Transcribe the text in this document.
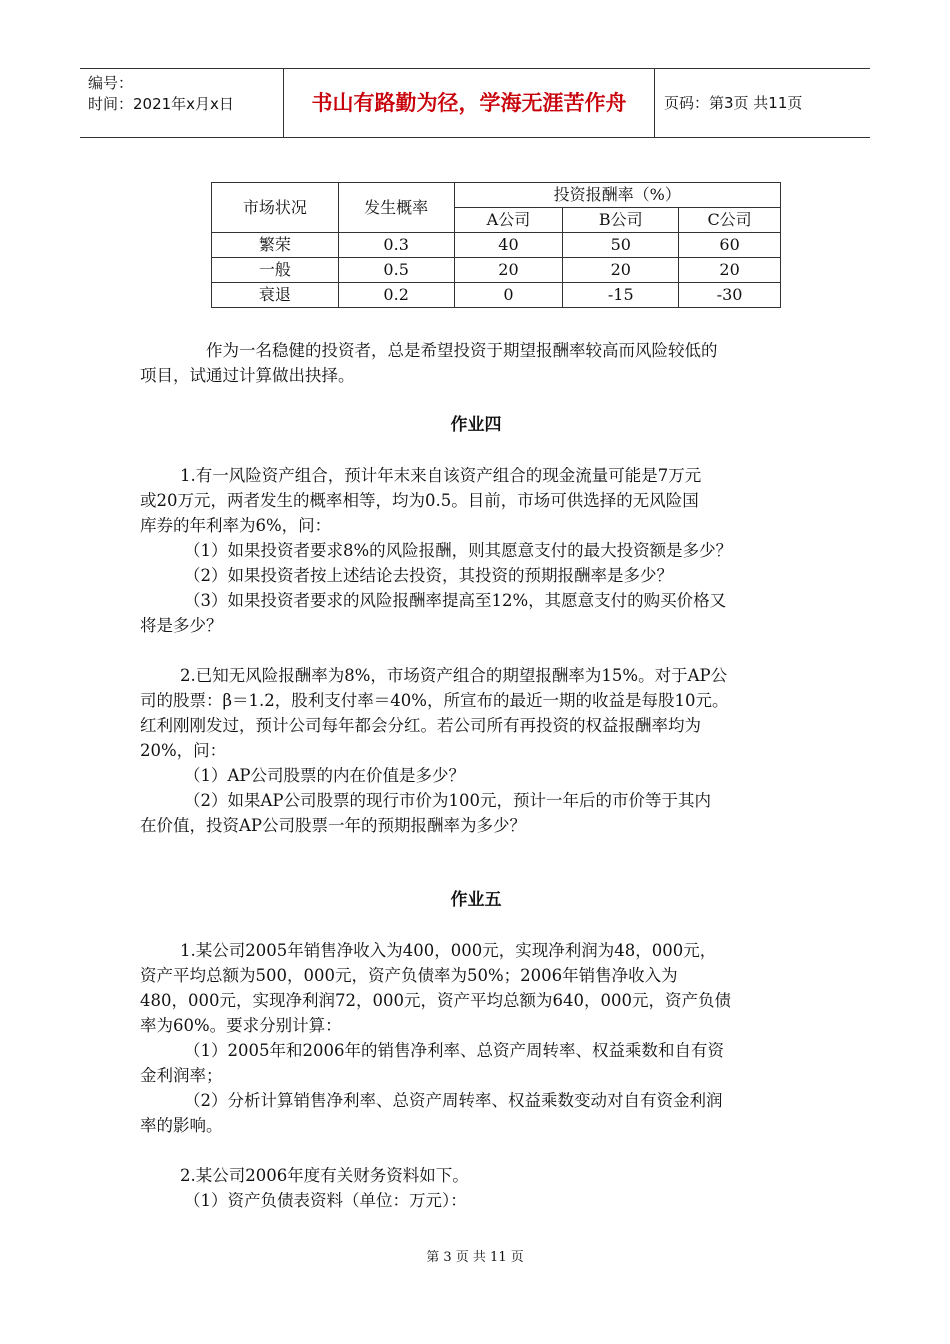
编号：
时间：2021年x月x日	书山有路勤为径，学海无涯苦作舟	页码：第3页 共11页
市场状况	发生概率	投资报酬率（%）		
		A公司	B公司	C公司
繁荣	0.3	40	50	60
一般	0.5	20	20	20
衰退	0.2	0	-15	-30

作为一名稳健的投资者，总是希望投资于期望报酬率较高而风险较低的

项目，试通过计算做出抉择。

作业四

1.有一风险资产组合，预计年末来自该资产组合的现金流量可能是7万元

或20万元，两者发生的概率相等，均为0.5。目前，市场可供选择的无风险国

库券的年利率为6%，问：

（1）如果投资者要求8%的风险报酬，则其愿意支付的最大投资额是多少？

（2）如果投资者按上述结论去投资，其投资的预期报酬率是多少？

（3）如果投资者要求的风险报酬率提高至12%，其愿意支付的购买价格又

将是多少？

2.已知无风险报酬率为8%，市场资产组合的期望报酬率为15%。对于AP公

司的股票：β＝1.2，股利支付率＝40%，所宣布的最近一期的收益是每股10元。

红利刚刚发过，预计公司每年都会分红。若公司所有再投资的权益报酬率均为

20%，问：

（1）AP公司股票的内在价值是多少？

（2）如果AP公司股票的现行市价为100元，预计一年后的市价等于其内

在价值，投资AP公司股票一年的预期报酬率为多少？

作业五

1.某公司2005年销售净收入为400，000元，实现净利润为48，000元，

资产平均总额为500，000元，资产负债率为50%；2006年销售净收入为

480，000元，实现净利润72，000元，资产平均总额为640，000元，资产负债

率为60%。要求分别计算：

（1）2005年和2006年的销售净利率、总资产周转率、权益乘数和自有资

金利润率；

（2）分析计算销售净利率、总资产周转率、权益乘数变动对自有资金利润

率的影响。

2.某公司2006年度有关财务资料如下。

（1）资产负债表资料（单位：万元）：

第 3 页 共 11 页
